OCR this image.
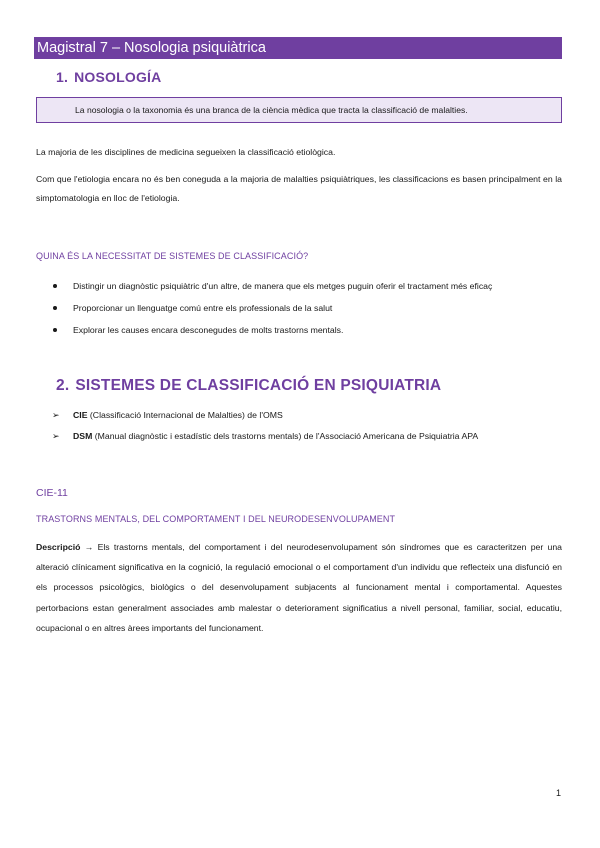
Magistral 7 – Nosologia psiquiàtrica
1. NOSOLOGÍA
La nosologia o la taxonomia és una branca de la ciència mèdica que tracta la classificació de malalties.
La majoria de les disciplines de medicina segueixen la classificació etiològica.
Com que l'etiologia encara no és ben coneguda a la majoria de malalties psiquiàtriques, les classificacions es basen principalment en la simptomatologia en lloc de l'etiologia.
QUINA ÉS LA NECESSITAT DE SISTEMES DE CLASSIFICACIÓ?
Distingir un diagnòstic psiquiàtric d'un altre, de manera que els metges puguin oferir el tractament més eficaç
Proporcionar un llenguatge comú entre els professionals de la salut
Explorar les causes encara desconegudes de molts trastorns mentals.
2. SISTEMES DE CLASSIFICACIÓ EN PSIQUIATRIA
➢ CIE (Classificació Internacional de Malalties) de l'OMS
➢ DSM (Manual diagnòstic i estadístic dels trastorns mentals) de l'Associació Americana de Psiquiatria APA
CIE-11
TRASTORNS MENTALS, DEL COMPORTAMENT I DEL NEURODESENVOLUPAMENT
Descripció → Els trastorns mentals, del comportament i del neurodesenvolupament són síndromes que es caracteritzen per una alteració clínicament significativa en la cognició, la regulació emocional o el comportament d'un individu que reflecteix una disfunció en els processos psicològics, biològics o del desenvolupament subjacents al funcionament mental i comportamental. Aquestes pertorbacions estan generalment associades amb malestar o deteriorament significatius a nivell personal, familiar, social, educatiu, ocupacional o en altres àrees importants del funcionament.
1
